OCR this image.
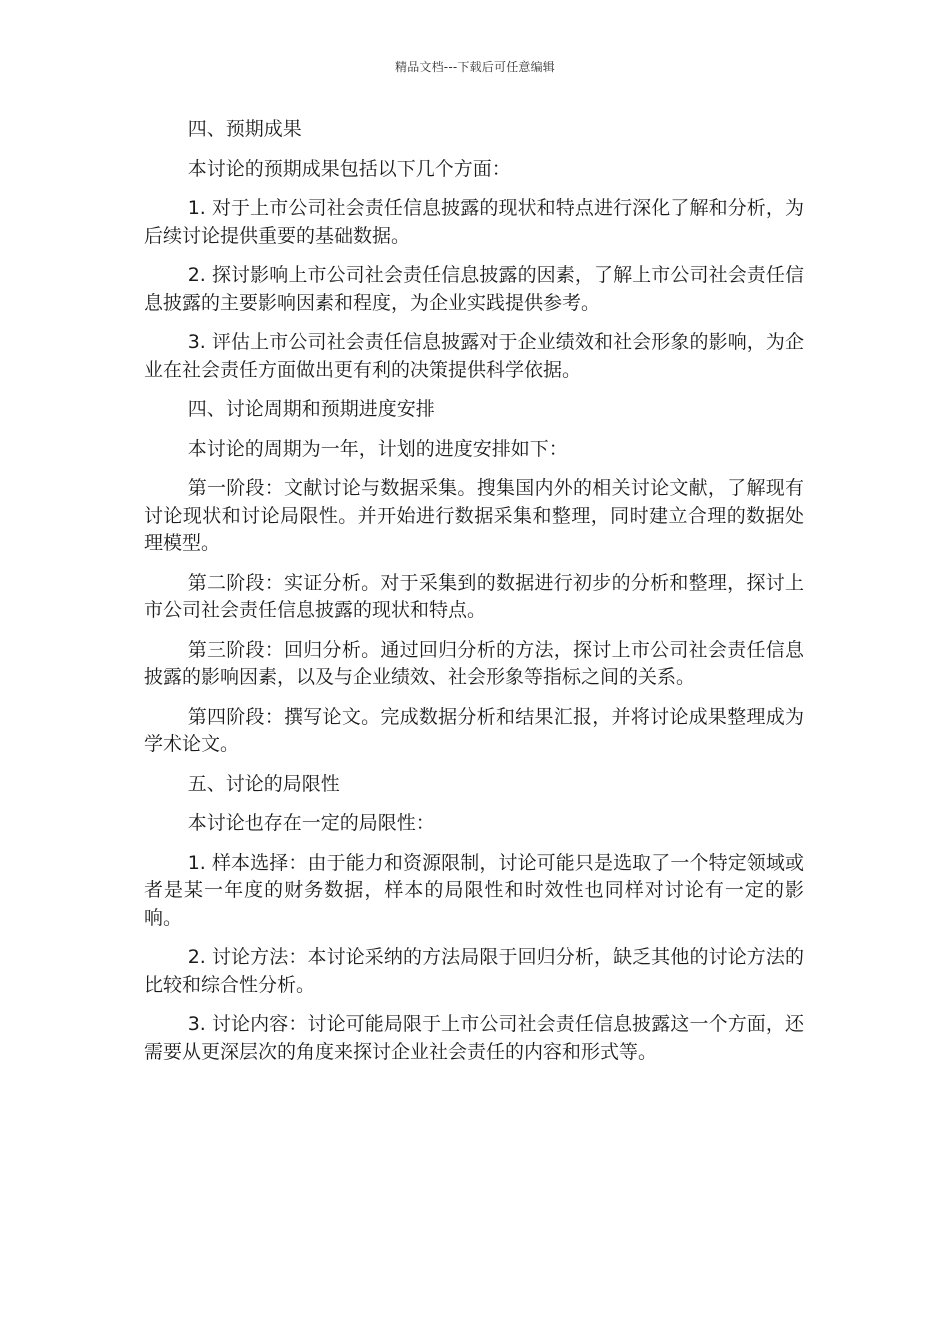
精品文档---下载后可任意编辑

四、预期成果

本讨论的预期成果包括以下几个方面：

1. 对于上市公司社会责任信息披露的现状和特点进行深化了解和分析，为后续讨论提供重要的基础数据。

2. 探讨影响上市公司社会责任信息披露的因素，了解上市公司社会责任信息披露的主要影响因素和程度，为企业实践提供参考。

3. 评估上市公司社会责任信息披露对于企业绩效和社会形象的影响，为企业在社会责任方面做出更有利的决策提供科学依据。

四、讨论周期和预期进度安排

本讨论的周期为一年，计划的进度安排如下：

第一阶段：文献讨论与数据采集。搜集国内外的相关讨论文献，了解现有讨论现状和讨论局限性。并开始进行数据采集和整理，同时建立合理的数据处理模型。

第二阶段：实证分析。对于采集到的数据进行初步的分析和整理，探讨上市公司社会责任信息披露的现状和特点。

第三阶段：回归分析。通过回归分析的方法，探讨上市公司社会责任信息披露的影响因素，以及与企业绩效、社会形象等指标之间的关系。

第四阶段：撰写论文。完成数据分析和结果汇报，并将讨论成果整理成为学术论文。

五、讨论的局限性

本讨论也存在一定的局限性：

1. 样本选择：由于能力和资源限制，讨论可能只是选取了一个特定领域或者是某一年度的财务数据，样本的局限性和时效性也同样对讨论有一定的影响。

2. 讨论方法：本讨论采纳的方法局限于回归分析，缺乏其他的讨论方法的比较和综合性分析。

3. 讨论内容：讨论可能局限于上市公司社会责任信息披露这一个方面，还需要从更深层次的角度来探讨企业社会责任的内容和形式等。
